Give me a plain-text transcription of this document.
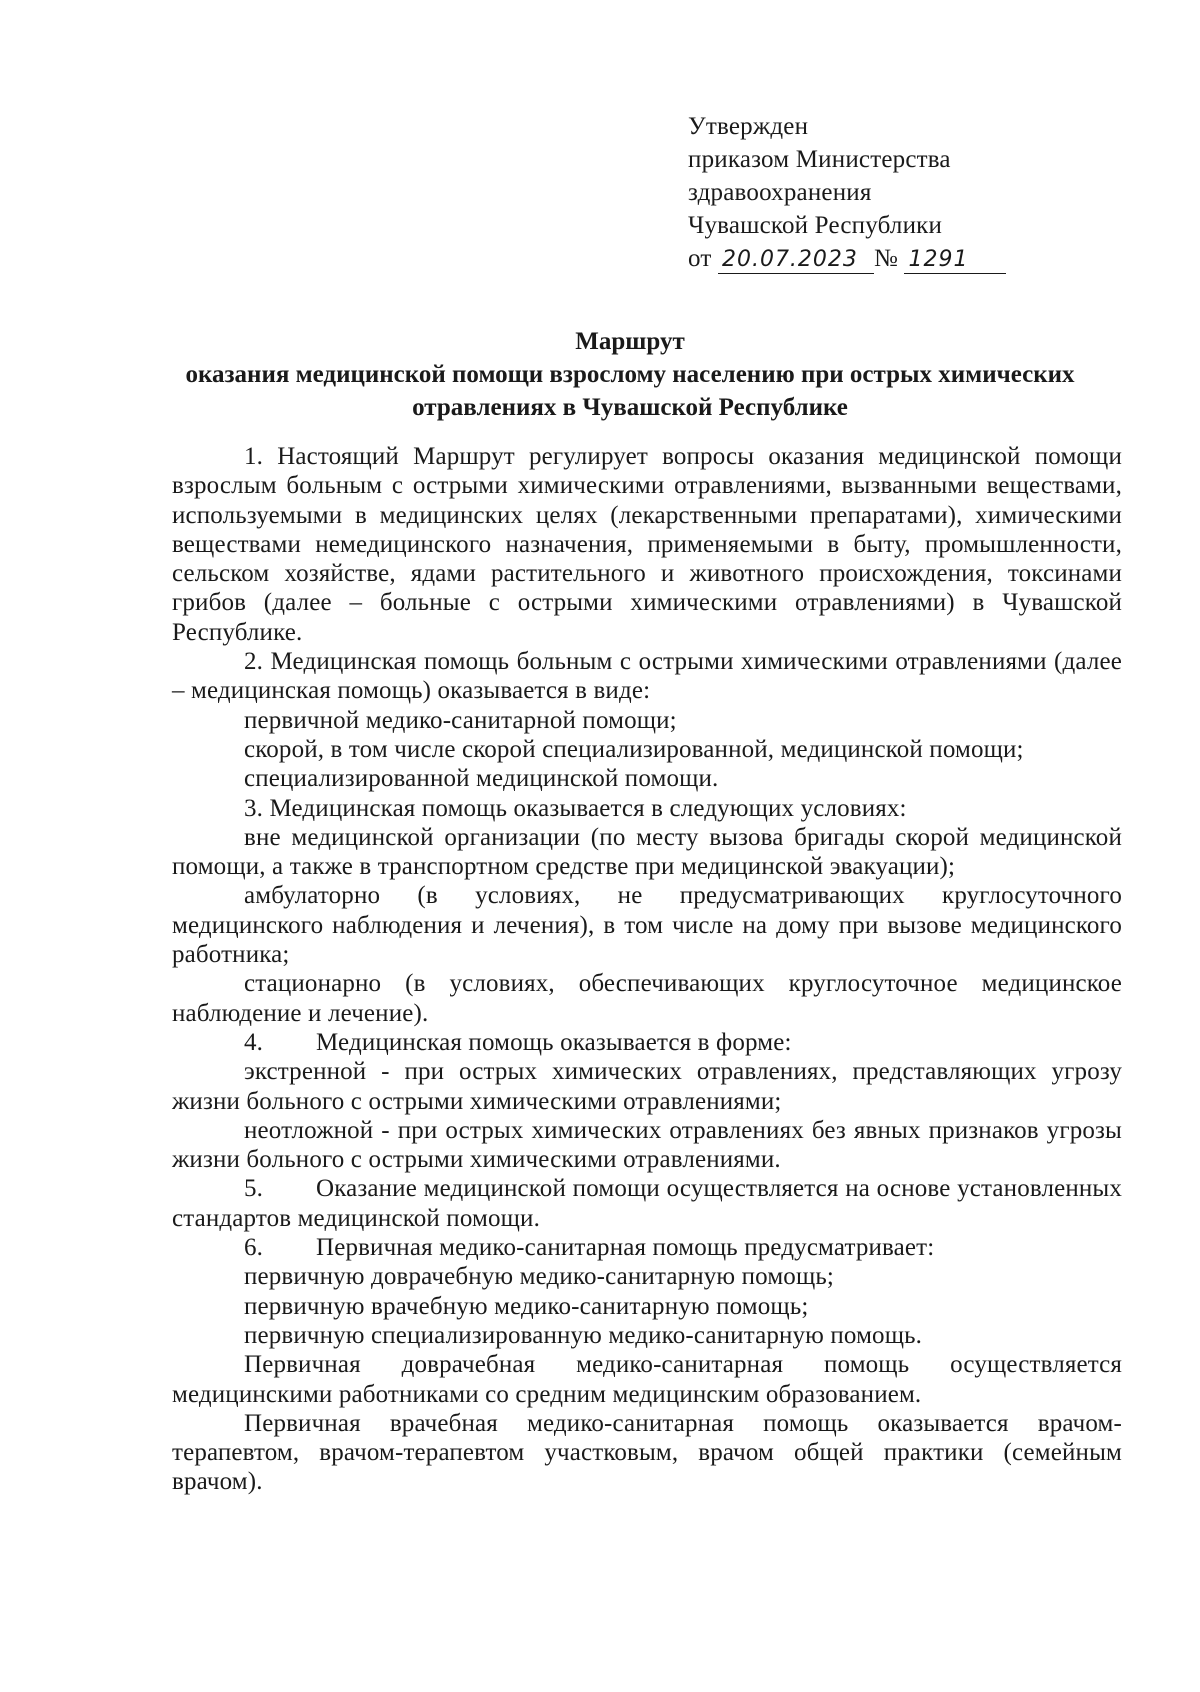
Утвержден
приказом Министерства
здравоохранения
Чувашской Республики
от 20.07.2023 № 1291
Маршрут
оказания медицинской помощи взрослому населению при острых химических
отравлениях в Чувашской Республике

1. Настоящий Маршрут регулирует вопросы оказания медицинской помощи взрослым больным с острыми химическими отравлениями, вызванными веществами, используемыми в медицинских целях (лекарственными препаратами), химическими веществами немедицинского назначения, применяемыми в быту, промышленности, сельском хозяйстве, ядами растительного и животного происхождения, токсинами грибов (далее – больные с острыми химическими отравлениями) в Чувашской Республике.

2. Медицинская помощь больным с острыми химическими отравлениями (далее – медицинская помощь) оказывается в виде:

первичной медико-санитарной помощи;

скорой, в том числе скорой специализированной, медицинской помощи;

специализированной медицинской помощи.

3. Медицинская помощь оказывается в следующих условиях:

вне медицинской организации (по месту вызова бригады скорой медицинской помощи, а также в транспортном средстве при медицинской эвакуации);

амбулаторно (в условиях, не предусматривающих круглосуточного медицинского наблюдения и лечения), в том числе на дому при вызове медицинского работника;

стационарно (в условиях, обеспечивающих круглосуточное медицинское наблюдение и лечение).

4. Медицинская помощь оказывается в форме:

экстренной - при острых химических отравлениях, представляющих угрозу жизни больного с острыми химическими отравлениями;

неотложной - при острых химических отравлениях без явных признаков угрозы жизни больного с острыми химическими отравлениями.

5. Оказание медицинской помощи осуществляется на основе установленных стандартов медицинской помощи.

6. Первичная медико-санитарная помощь предусматривает:

первичную доврачебную медико-санитарную помощь;

первичную врачебную медико-санитарную помощь;

первичную специализированную медико-санитарную помощь.

Первичная доврачебная медико-санитарная помощь осуществляется медицинскими работниками со средним медицинским образованием.

Первичная врачебная медико-санитарная помощь оказывается врачом-терапевтом, врачом-терапевтом участковым, врачом общей практики (семейным врачом).
